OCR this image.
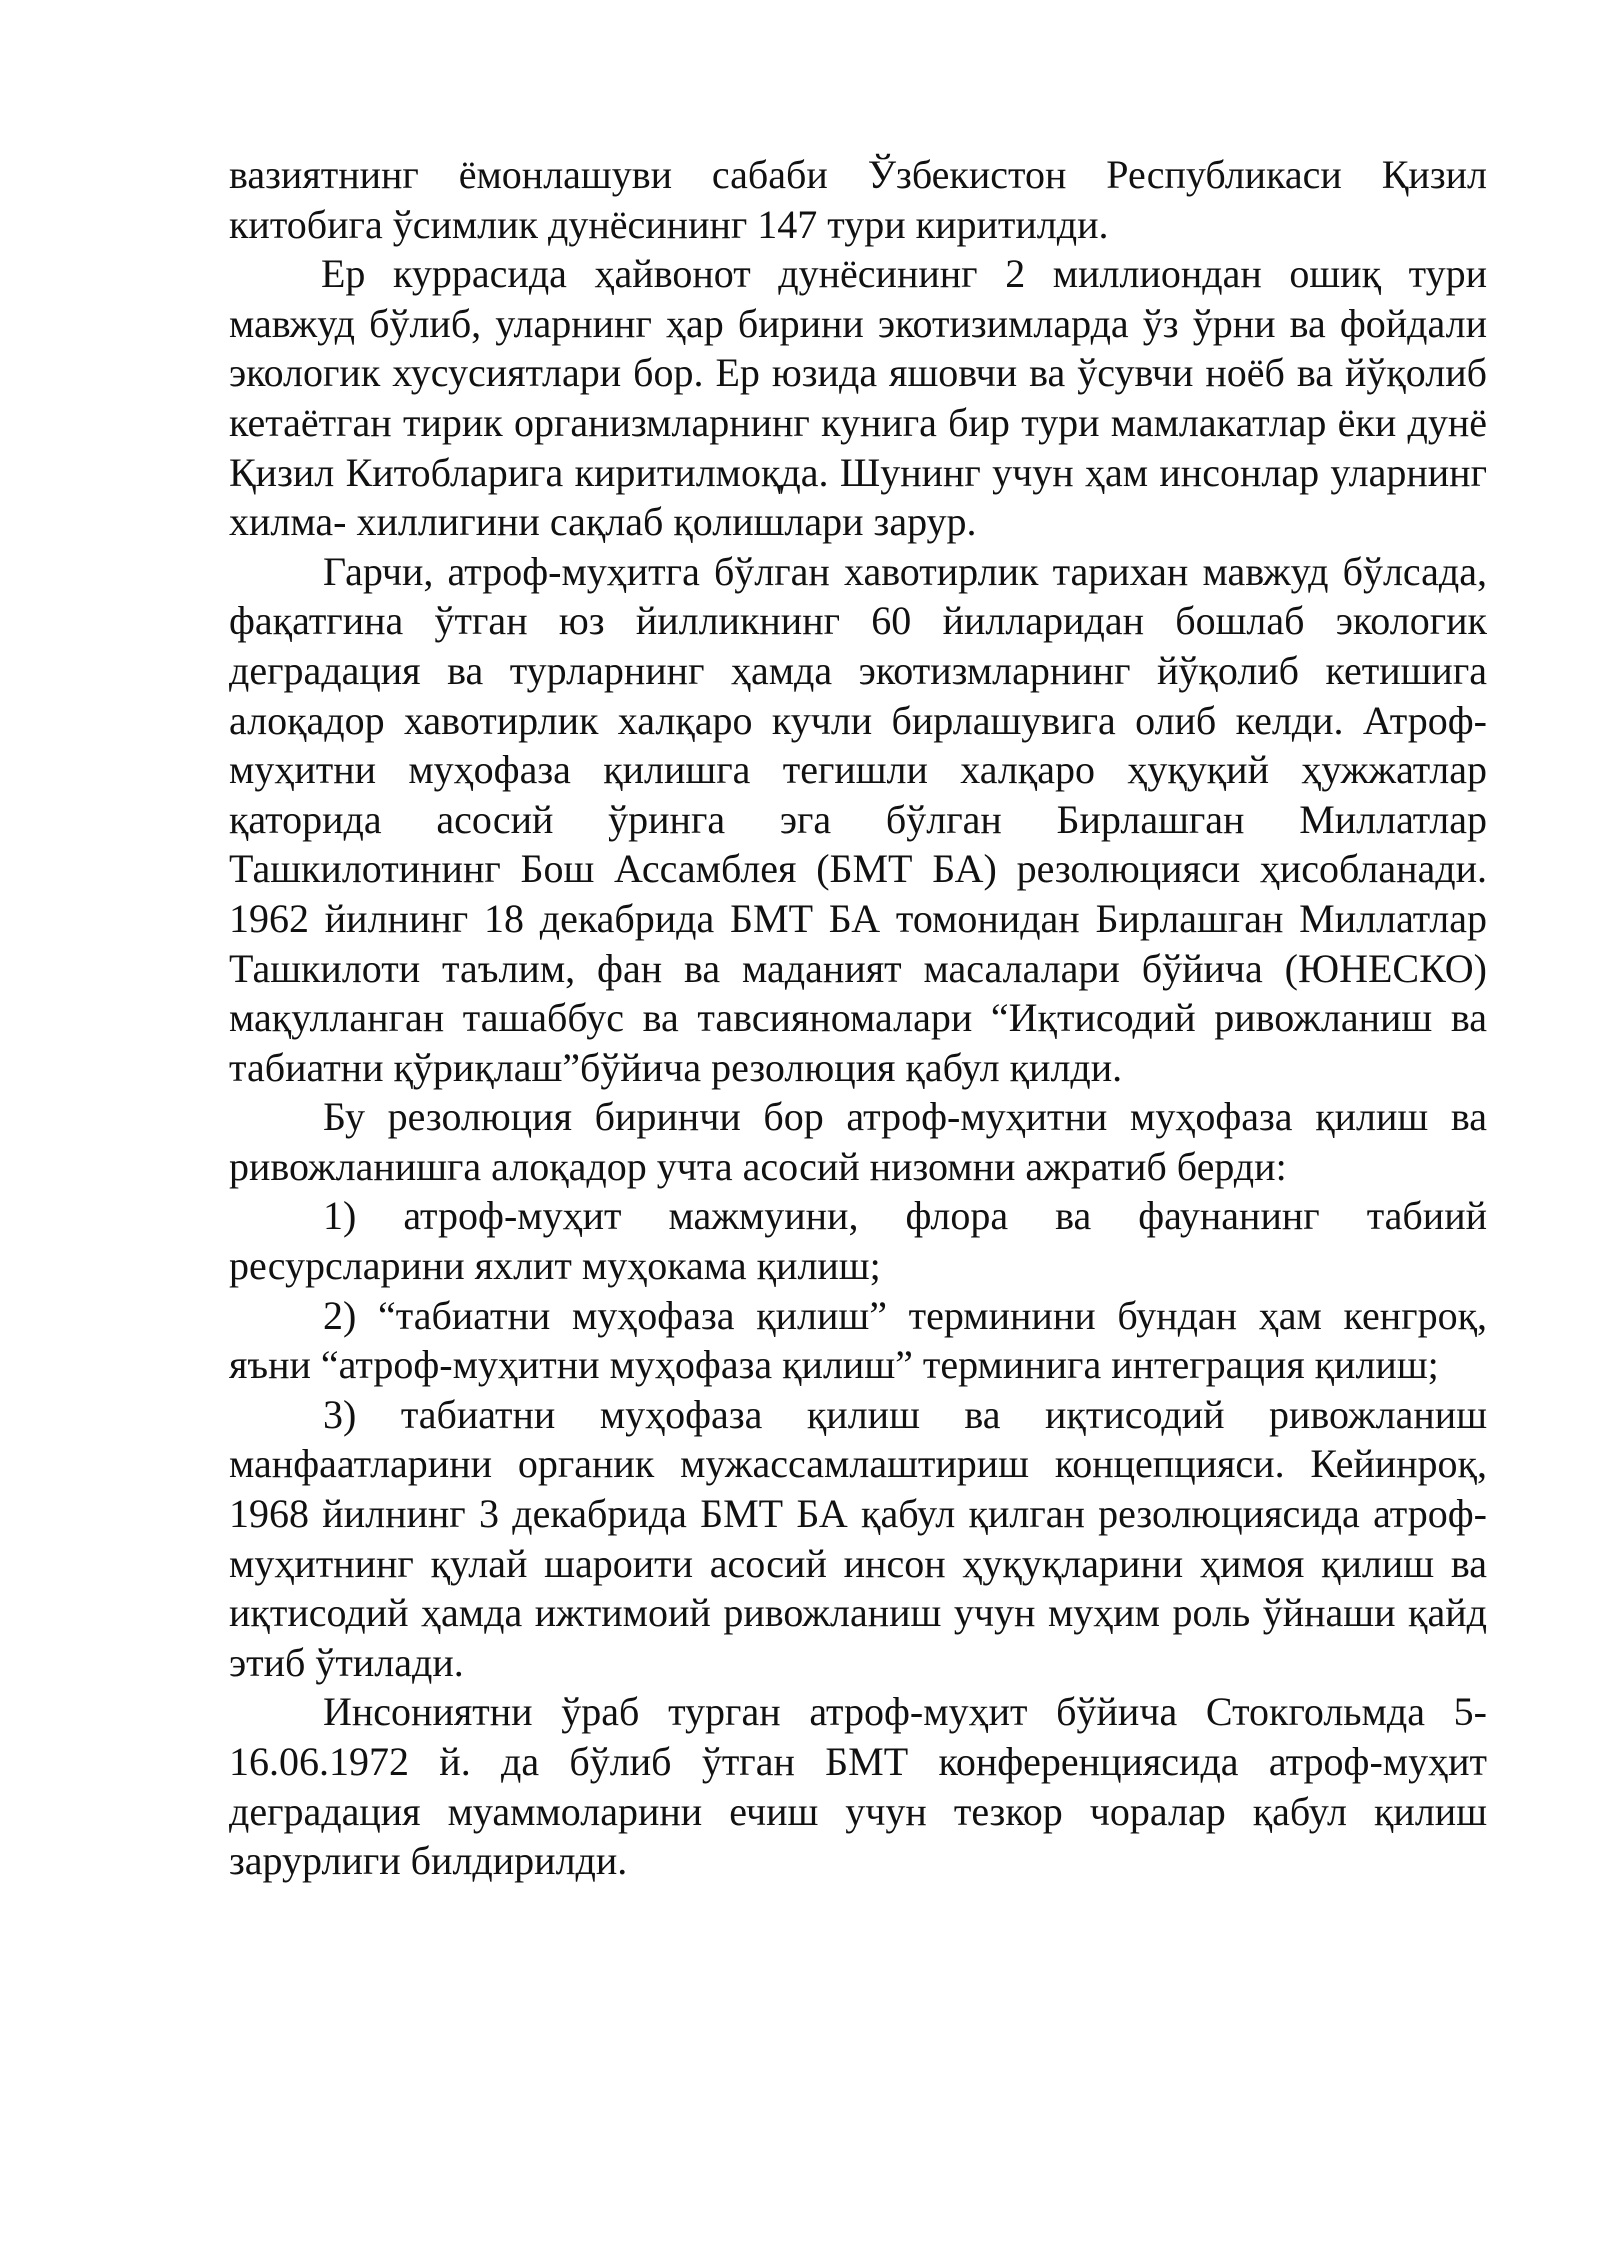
вазиятнинг ёмонлашуви сабаби Ўзбекистон Республикаси Қизил китобига ўсимлик дунёсининг 147 тури киритилди.

Ер куррасида ҳайвонот дунёсининг 2 миллиондан ошиқ тури мавжуд бўлиб, уларнинг ҳар бирини экотизимларда ўз ўрни ва фойдали экологик хусусиятлари бор. Ер юзида яшовчи ва ўсувчи ноёб ва йўқолиб кетаётган тирик организмларнинг кунига бир тури мамлакатлар ёки дунё Қизил Китобларига киритилмоқда. Шунинг учун ҳам инсонлар уларнинг хилма- хиллигини сақлаб қолишлари зарур.

Гарчи, атроф-муҳитга бўлган хавотирлик тарихан мавжуд бўлсада, фақатгина ўтган юз йилликнинг 60 йилларидан бошлаб экологик деградация ва турларнинг ҳамда экотизмларнинг йўқолиб кетишига алоқадор хавотирлик халқаро кучли бирлашувига олиб келди. Атроф-муҳитни муҳофаза қилишга тегишли халқаро ҳуқуқий ҳужжатлар қаторида асосий ўринга эга бўлган Бирлашган Миллатлар Ташкилотининг Бош Ассамблея (БМТ БА) резолюцияси ҳисобланади. 1962 йилнинг 18 декабрида БМТ БА томонидан Бирлашган Миллатлар Ташкилоти таълим, фан ва маданият масалалари бўйича (ЮНЕСКО) мақулланган ташаббус ва тавсияномалари “Иқтисодий ривожланиш ва табиатни қўриқлаш”бўйича резолюция қабул қилди.

Бу резолюция биринчи бор атроф-муҳитни муҳофаза қилиш ва ривожланишга алоқадор учта асосий низомни ажратиб берди:

1) атроф-муҳит мажмуини, флора ва фаунанинг табиий ресурсларини яхлит муҳокама қилиш;

2) “табиатни муҳофаза қилиш” терминини бундан ҳам кенгроқ, яъни “атроф-муҳитни муҳофаза қилиш” терминига интеграция қилиш;

3) табиатни муҳофаза қилиш ва иқтисодий ривожланиш манфаатларини органик мужассамлаштириш концепцияси. Кейинроқ, 1968 йилнинг 3 декабрида БМТ БА қабул қилган резолюциясида атроф-муҳитнинг қулай шароити асосий инсон ҳуқуқларини ҳимоя қилиш ва иқтисодий ҳамда ижтимоий ривожланиш учун муҳим роль ўйнаши қайд этиб ўтилади.

Инсониятни ўраб турган атроф-муҳит бўйича Стокгольмда 5-16.06.1972 й. да бўлиб ўтган БМТ конференциясида атроф-муҳит деградация муаммоларини ечиш учун тезкор чоралар қабул қилиш зарурлиги билдирилди.
